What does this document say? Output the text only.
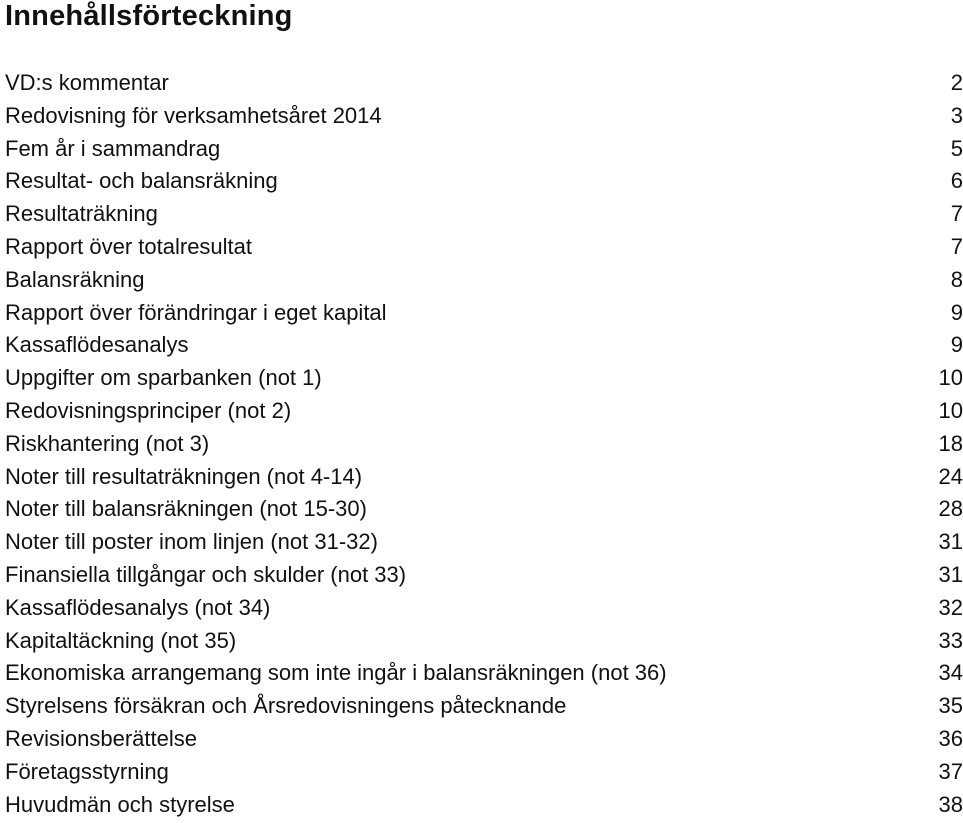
Innehållsförteckning
VD:s kommentar	2
Redovisning för verksamhetsåret 2014	3
Fem år i sammandrag	5
Resultat- och balansräkning	6
Resultaträkning	7
Rapport över totalresultat	7
Balansräkning	8
Rapport över förändringar i eget kapital	9
Kassaflödesanalys	9
Uppgifter om sparbanken (not 1)	10
Redovisningsprinciper (not 2)	10
Riskhantering (not 3)	18
Noter till resultaträkningen (not 4-14)	24
Noter till balansräkningen (not 15-30)	28
Noter till poster inom linjen (not 31-32)	31
Finansiella tillgångar och skulder (not 33)	31
Kassaflödesanalys (not 34)	32
Kapitaltäckning (not 35)	33
Ekonomiska arrangemang som inte ingår i balansräkningen (not 36)	34
Styrelsens försäkran och Årsredovisningens påtecknande	35
Revisionsberättelse	36
Företagsstyrning	37
Huvudmän och styrelse	38
